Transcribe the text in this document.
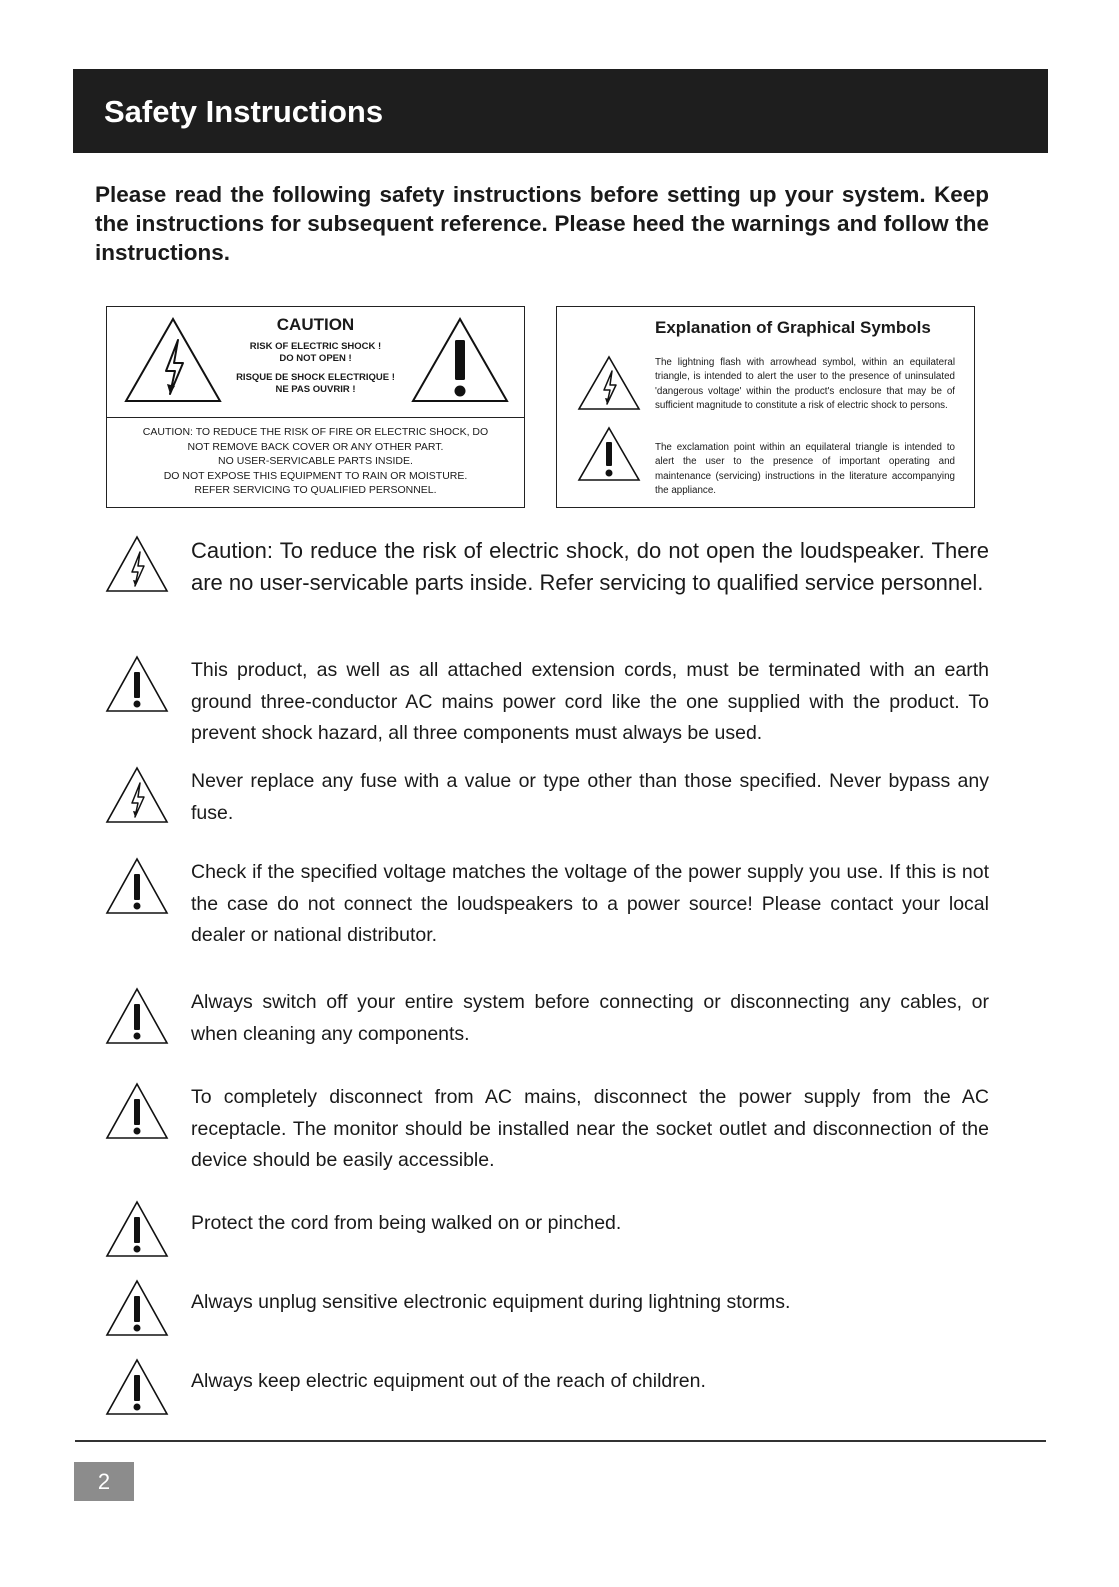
Safety Instructions
Please read the following safety instructions before setting up your system. Keep the instructions for subsequent reference. Please heed the warnings and follow the instructions.
CAUTION
RISK OF ELECTRIC SHOCK !
DO NOT OPEN !
RISQUE DE SHOCK ELECTRIQUE !
NE PAS OUVRIR !
CAUTION: TO REDUCE THE RISK OF FIRE OR ELECTRIC SHOCK, DO
NOT REMOVE BACK COVER OR ANY OTHER PART.
NO USER-SERVICABLE PARTS INSIDE.
DO NOT EXPOSE THIS EQUIPMENT TO RAIN OR MOISTURE.
REFER SERVICING TO QUALIFIED PERSONNEL.
Explanation of Graphical Symbols
The lightning flash with arrowhead symbol, within an equilateral triangle, is intended to alert the user to the presence of uninsulated 'dangerous voltage' within the product's enclosure that may be of sufficient magnitude to constitute a risk of electric shock to persons.
The exclamation point within an equilateral triangle is intended to alert the user to the presence of important operating and maintenance (servicing) instructions in the literature accompanying the appliance.
Caution: To reduce the risk of electric shock, do not open the loudspeaker. There are no user-servicable parts inside. Refer servicing to qualified service personnel.
This product, as well as all attached extension cords, must be terminated with an earth ground three-conductor AC mains power cord like the one supplied with the product. To prevent shock hazard, all three components must always be used.
Never replace any fuse with a value or type other than those specified. Never bypass any fuse.
Check if the specified voltage matches the voltage of the power supply you use. If this is not the case do not connect the loudspeakers to a power source! Please contact your local dealer or national distributor.
Always switch off your entire system before connecting or disconnecting any cables, or when cleaning any components.
To completely disconnect from AC mains, disconnect the power supply from the AC receptacle. The monitor should be installed near the socket outlet and disconnection of the device should be easily accessible.
Protect the cord from being walked on or pinched.
Always unplug sensitive electronic equipment during lightning storms.
Always keep electric equipment out of the reach of children.
2
